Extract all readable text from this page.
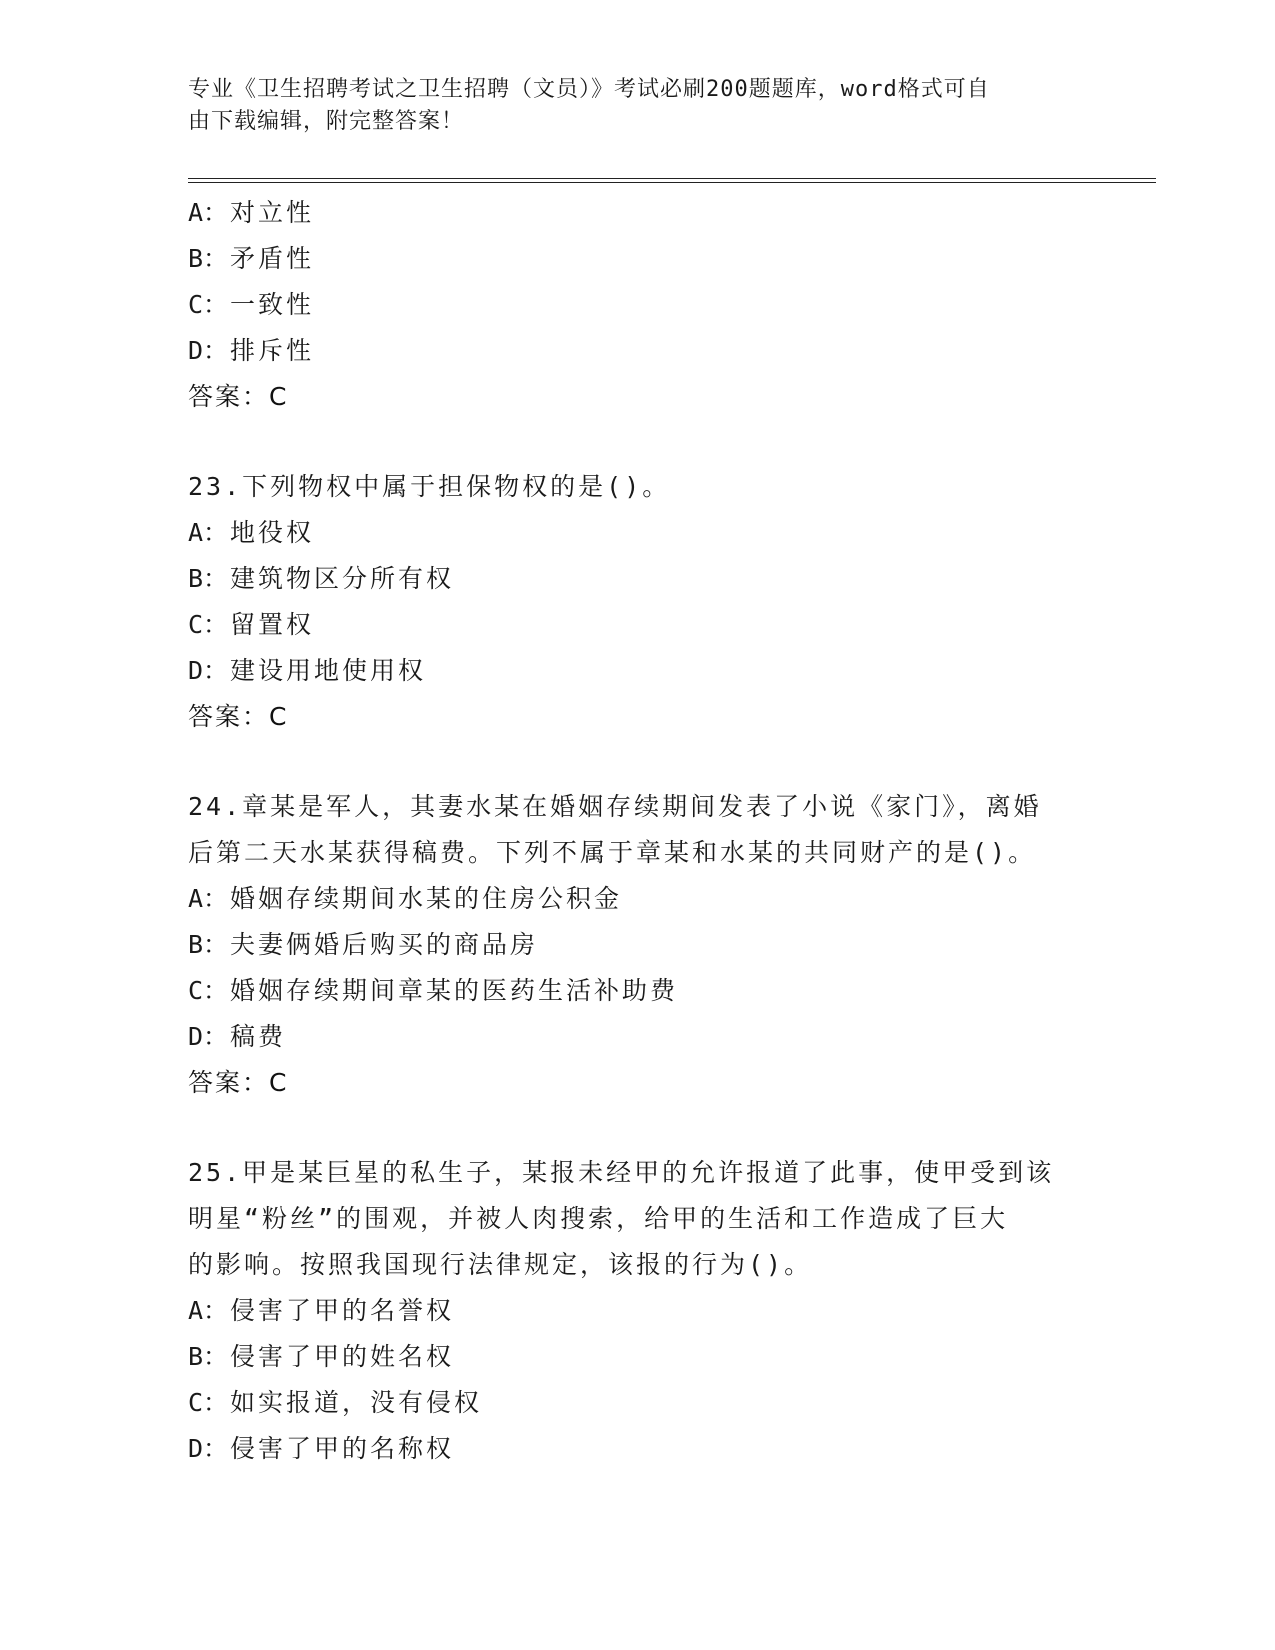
专业《卫生招聘考试之卫生招聘（文员）》考试必刷200题题库，word格式可自
由下载编辑，附完整答案！
A：对立性
B：矛盾性
C：一致性
D：排斥性
答案：C
23.下列物权中属于担保物权的是()。
A：地役权
B：建筑物区分所有权
C：留置权
D：建设用地使用权
答案：C
24.章某是军人，其妻水某在婚姻存续期间发表了小说《家门》，离婚
后第二天水某获得稿费。下列不属于章某和水某的共同财产的是()。
A：婚姻存续期间水某的住房公积金
B：夫妻俩婚后购买的商品房
C：婚姻存续期间章某的医药生活补助费
D：稿费
答案：C
25.甲是某巨星的私生子，某报未经甲的允许报道了此事，使甲受到该
明星“粉丝”的围观，并被人肉搜索，给甲的生活和工作造成了巨大
的影响。按照我国现行法律规定，该报的行为()。
A：侵害了甲的名誉权
B：侵害了甲的姓名权
C：如实报道，没有侵权
D：侵害了甲的名称权
